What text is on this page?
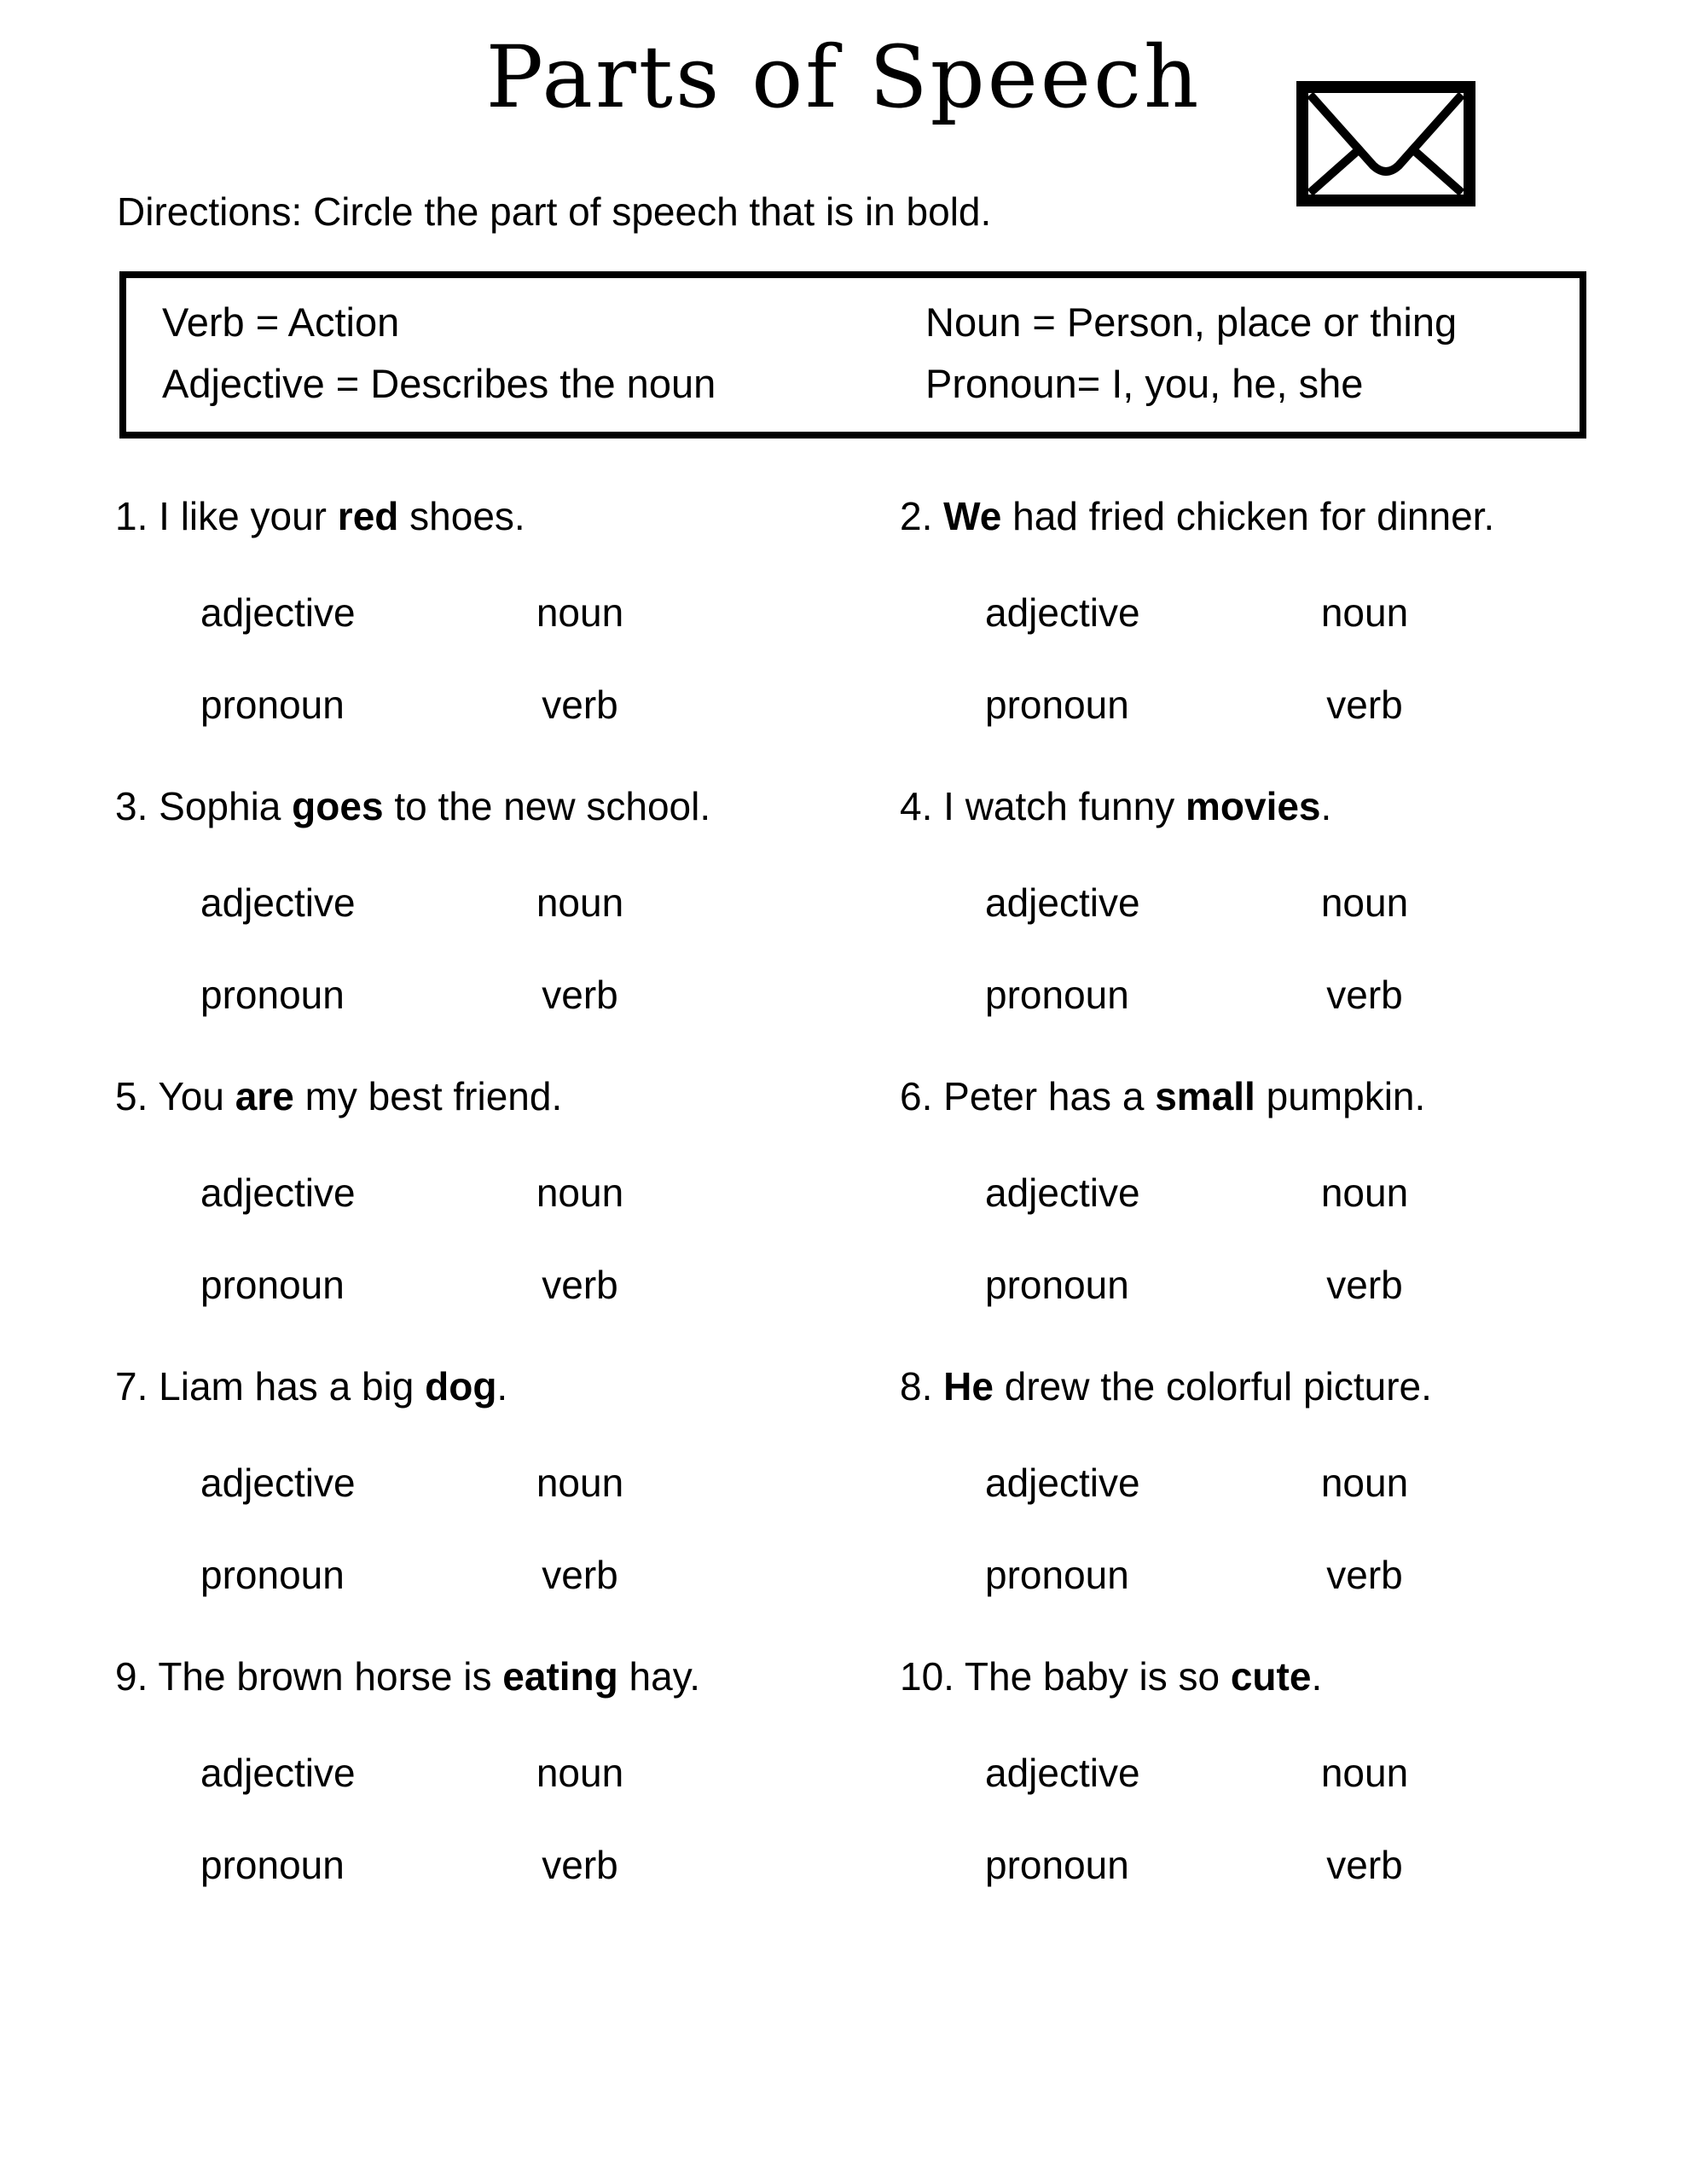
Parts of Speech
Directions: Circle the part of speech that is in bold.
Verb = Action
Adjective = Describes the noun
Noun = Person, place or thing
Pronoun= I, you, he, she
1. I like your red shoes.
adjective	noun
pronoun	verb
2. We had fried chicken for dinner.
adjective	noun
pronoun	verb
3. Sophia goes to the new school.
adjective	noun
pronoun	verb
4. I watch funny movies.
adjective	noun
pronoun	verb
5. You are my best friend.
adjective	noun
pronoun	verb
6. Peter has a small pumpkin.
adjective	noun
pronoun	verb
7. Liam has a big dog.
adjective	noun
pronoun	verb
8. He drew the colorful picture.
adjective	noun
pronoun	verb
9. The brown horse is eating hay.
adjective	noun
pronoun	verb
10. The baby is so cute.
adjective	noun
pronoun	verb
